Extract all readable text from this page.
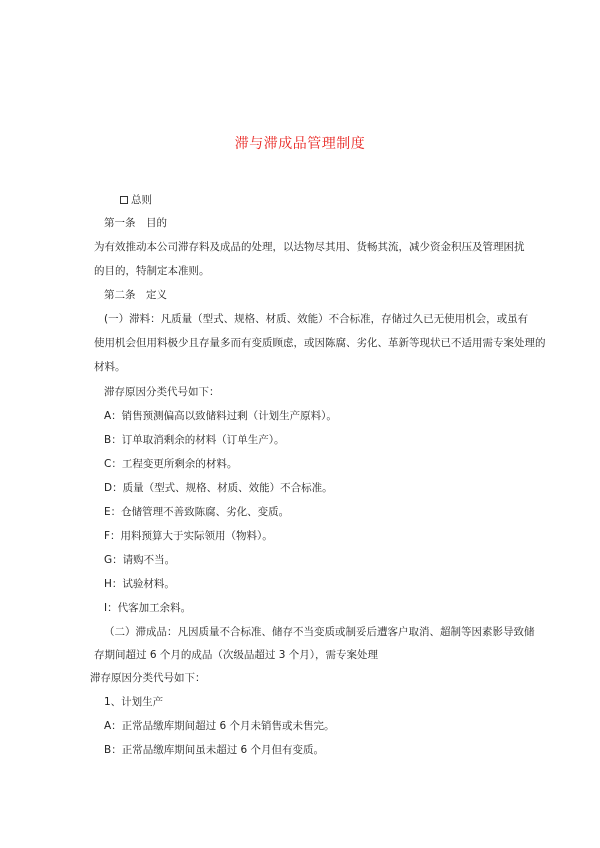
滞与滞成品管理制度
总则
第一条　目的
为有效推动本公司滞存料及成品的处理，以达物尽其用、货畅其流，减少资金积压及管理困扰
的目的，特制定本准则。
第二条　定义
(一）滞料：凡质量（型式、规格、材质、效能）不合标准，存储过久已无使用机会，或虽有
使用机会但用料极少且存量多而有变质顾虑，或因陈腐、劣化、革新等现状已不适用需专案处理的
材料。
滞存原因分类代号如下：
A：销售预测偏高以致储料过剩（计划生产原料）。
B：订单取消剩余的材料（订单生产）。
C：工程变更所剩余的材料。
D：质量（型式、规格、材质、效能）不合标准。
E：仓储管理不善致陈腐、劣化、变质。
F：用料预算大于实际领用（物料）。
G：请购不当。
H：试验材料。
I：代客加工余料。
（二）滞成品：凡因质量不合标准、储存不当变质或制妥后遭客户取消、超制等因素影导致储
存期间超过 6 个月的成品（次级品超过 3 个月），需专案处理
滞存原因分类代号如下：
1、计划生产
A：正常品缴库期间超过 6 个月未销售或未售完。
B：正常品缴库期间虽未超过 6 个月但有变质。
